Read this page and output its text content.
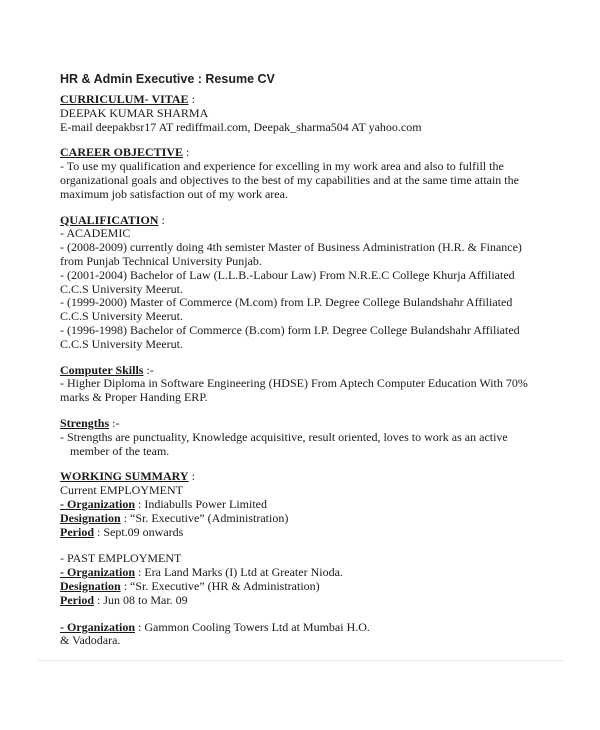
HR & Admin Executive : Resume CV
CURRICULUM- VITAE :
DEEPAK KUMAR SHARMA
E-mail deepakbsr17 AT rediffmail.com, Deepak_sharma504 AT yahoo.com
CAREER OBJECTIVE :
- To use my qualification and experience for excelling in my work area and also to fulfill the organizational goals and objectives to the best of my capabilities and at the same time attain the maximum job satisfaction out of my work area.
QUALIFICATION :
- ACADEMIC
- (2008-2009) currently doing 4th semister Master of Business Administration (H.R. & Finance)
from Punjab Technical University Punjab.
- (2001-2004) Bachelor of Law (L.L.B.-Labour Law) From N.R.E.C College Khurja Affiliated
C.C.S University Meerut.
- (1999-2000) Master of Commerce (M.com) from I.P. Degree College Bulandshahr Affiliated
C.C.S University Meerut.
- (1996-1998) Bachelor of Commerce (B.com) form I.P. Degree College Bulandshahr Affiliated
C.C.S University Meerut.
Computer Skills :-
- Higher Diploma in Software Engineering (HDSE) From Aptech Computer Education With 70%
marks & Proper Handing ERP.
Strengths :-
- Strengths are punctuality, Knowledge acquisitive, result oriented, loves to work as an active
member of the team.
WORKING SUMMARY :
Current EMPLOYMENT
- Organization : Indiabulls Power Limited
Designation : “Sr. Executive” (Administration)
Period : Sept.09 onwards
- PAST EMPLOYMENT
- Organization : Era Land Marks (I) Ltd at Greater Nioda.
Designation : “Sr. Executive” (HR & Administration)
Period : Jun 08 to Mar. 09
- Organization : Gammon Cooling Towers Ltd at Mumbai H.O.
& Vadodara.
